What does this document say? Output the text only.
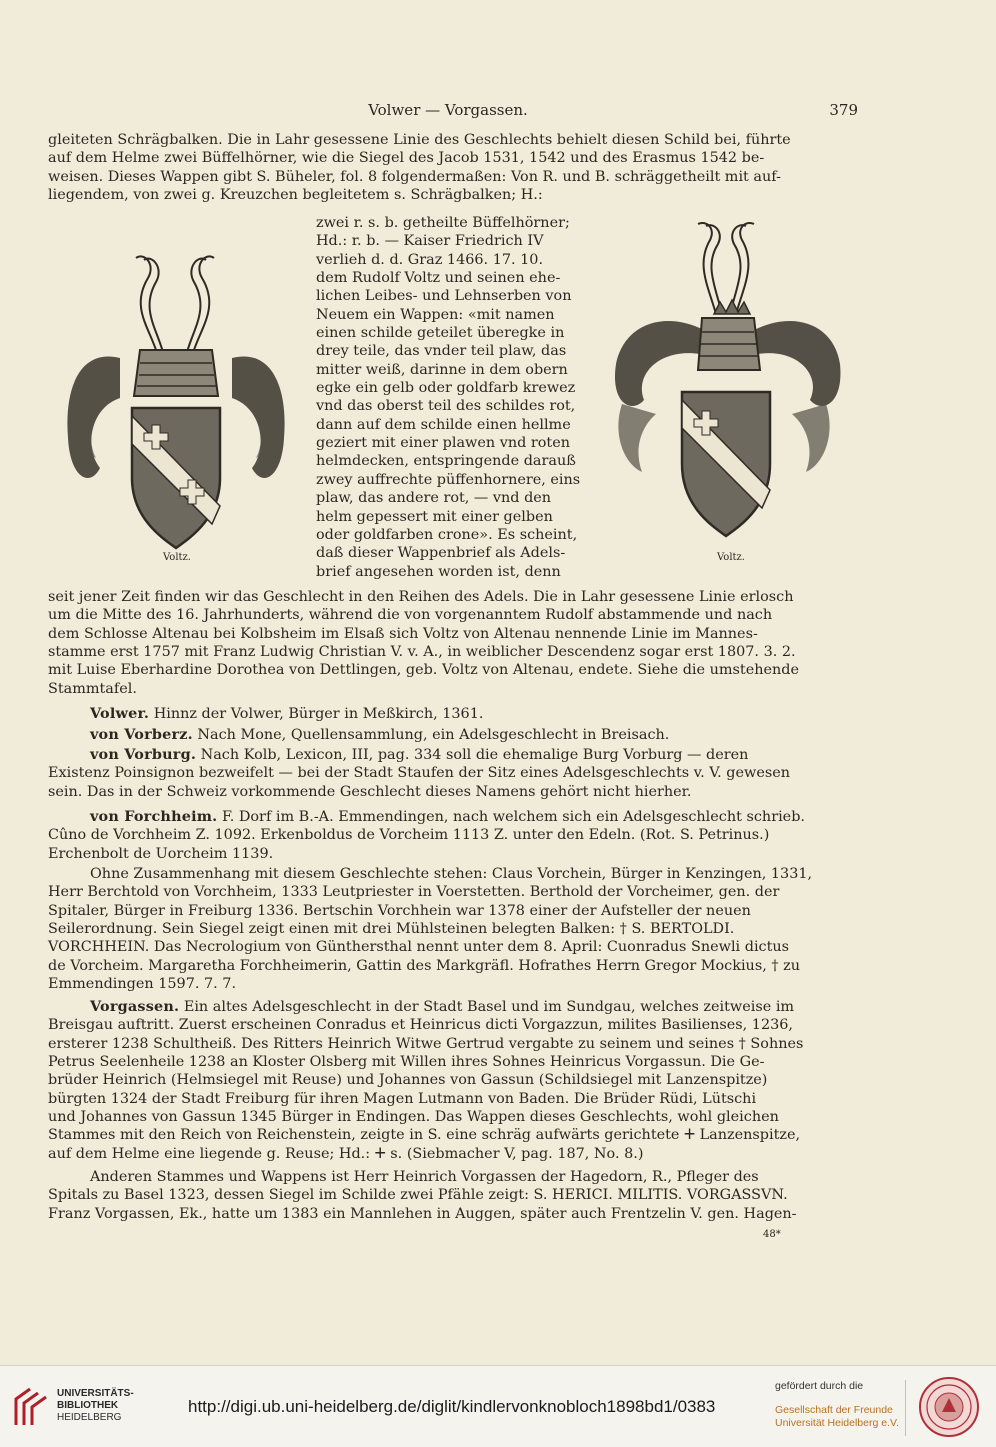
Volwer — Vorgassen.	379

gleiteten Schrägbalken. Die in Lahr gesessene Linie des Geschlechts behielt diesen Schild bei, führte
auf dem Helme zwei Büffelhörner, wie die Siegel des Jacob 1531, 1542 und des Erasmus 1542 be-
weisen. Dieses Wappen gibt S. Büheler, fol. 8 folgendermaßen: Von R. und B. schräggetheilt mit auf-
liegendem, von zwei g. Kreuzchen begleitetem s. Schrägbalken; H.:

Voltz.

zwei r. s. b. getheilte Büffelhörner;
Hd.: r. b. — Kaiser Friedrich IV
verlieh d. d. Graz 1466. 17. 10.
dem Rudolf Voltz und seinen ehe-
lichen Leibes- und Lehnserben von
Neuem ein Wappen: «mit namen
einen schilde geteilet überegke in
drey teile, das vnder teil plaw, das
mitter weiß, darinne in dem obern
egke ein gelb oder goldfarb krewez
vnd das oberst teil des schildes rot,
dann auf dem schilde einen hellme
geziert mit einer plawen vnd roten
helmdecken, entspringende darauß
zwey auffrechte püffenhornere, eins
plaw, das andere rot, — vnd den
helm gepessert mit einer gelben
oder goldfarben crone». Es scheint,
daß dieser Wappenbrief als Adels-
brief angesehen worden ist, denn

Voltz.

seit jener Zeit finden wir das Geschlecht in den Reihen des Adels. Die in Lahr gesessene Linie erlosch
um die Mitte des 16. Jahrhunderts, während die von vorgenanntem Rudolf abstammende und nach
dem Schlosse Altenau bei Kolbsheim im Elsaß sich Voltz von Altenau nennende Linie im Mannes-
stamme erst 1757 mit Franz Ludwig Christian V. v. A., in weiblicher Descendenz sogar erst 1807. 3. 2.
mit Luise Eberhardine Dorothea von Dettlingen, geb. Voltz von Altenau, endete. Siehe die umstehende
Stammtafel.

Volwer. Hinnz der Volwer, Bürger in Meßkirch, 1361.

von Vorberz. Nach Mone, Quellensammlung, ein Adelsgeschlecht in Breisach.

von Vorburg. Nach Kolb, Lexicon, III, pag. 334 soll die ehemalige Burg Vorburg — deren
Existenz Poinsignon bezweifelt — bei der Stadt Staufen der Sitz eines Adelsgeschlechts v. V. gewesen
sein. Das in der Schweiz vorkommende Geschlecht dieses Namens gehört nicht hierher.

von Forchheim. F. Dorf im B.-A. Emmendingen, nach welchem sich ein Adelsgeschlecht schrieb.
Cûno de Vorchheim Z. 1092. Erkenboldus de Vorcheim 1113 Z. unter den Edeln. (Rot. S. Petrinus.)
Erchenbolt de Uorcheim 1139.

Ohne Zusammenhang mit diesem Geschlechte stehen: Claus Vorchein, Bürger in Kenzingen, 1331,
Herr Berchtold von Vorchheim, 1333 Leutpriester in Voerstetten. Berthold der Vorcheimer, gen. der
Spitaler, Bürger in Freiburg 1336. Bertschin Vorchhein war 1378 einer der Aufsteller der neuen
Seilerordnung. Sein Siegel zeigt einen mit drei Mühlsteinen belegten Balken: † S. BERTOLDI.
VORCHHEIN. Das Necrologium von Günthersthal nennt unter dem 8. April: Cuonradus Snewli dictus
de Vorcheim. Margaretha Forchheimerin, Gattin des Markgräfl. Hofrathes Herrn Gregor Mockius, † zu
Emmendingen 1597. 7. 7.

Vorgassen. Ein altes Adelsgeschlecht in der Stadt Basel und im Sundgau, welches zeitweise im
Breisgau auftritt. Zuerst erscheinen Conradus et Heinricus dicti Vorgazzun, milites Basilienses, 1236,
ersterer 1238 Schultheiß. Des Ritters Heinrich Witwe Gertrud vergabte zu seinem und seines † Sohnes
Petrus Seelenheile 1238 an Kloster Olsberg mit Willen ihres Sohnes Heinricus Vorgassun. Die Ge-
brüder Heinrich (Helmsiegel mit Reuse) und Johannes von Gassun (Schildsiegel mit Lanzenspitze)
bürgten 1324 der Stadt Freiburg für ihren Magen Lutmann von Baden. Die Brüder Rüdi, Lütschi
und Johannes von Gassun 1345 Bürger in Endingen. Das Wappen dieses Geschlechts, wohl gleichen
Stammes mit den Reich von Reichenstein, zeigte in S. eine schräg aufwärts gerichtete ⵜ Lanzenspitze,
auf dem Helme eine liegende g. Reuse; Hd.: ⵜ s. (Siebmacher V, pag. 187, No. 8.)

Anderen Stammes und Wappens ist Herr Heinrich Vorgassen der Hagedorn, R., Pfleger des
Spitals zu Basel 1323, dessen Siegel im Schilde zwei Pfähle zeigt: S. HERICI. MILITIS. VORGASSVN.
Franz Vorgassen, Ek., hatte um 1383 ein Mannlehen in Auggen, später auch Frentzelin V. gen. Hagen-

48*
UNIVERSITÄTS-
BIBLIOTHEK
HEIDELBERG
http://digi.ub.uni-heidelberg.de/diglit/kindlervonknobloch1898bd1/0383
gefördert durch die
Gesellschaft der Freunde
Universität Heidelberg e.V.
